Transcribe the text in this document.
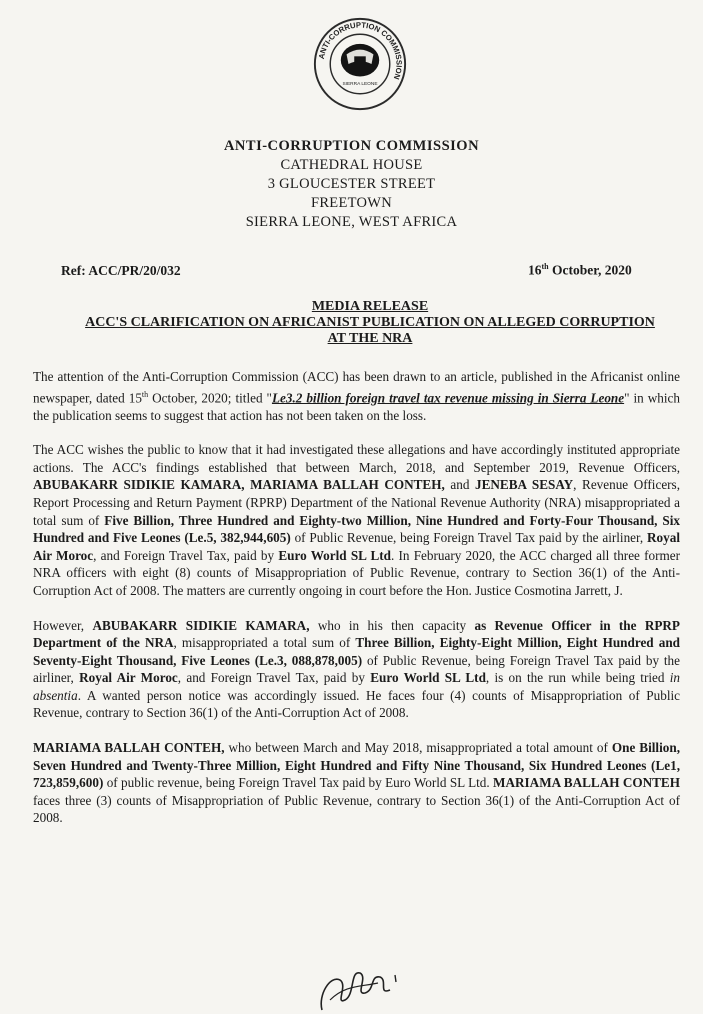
ANTI-CORRUPTION COMMISSION
SIERRA LEONE
ANTI-CORRUPTION COMMISSION
CATHEDRAL HOUSE
3 GLOUCESTER STREET
FREETOWN
SIERRA LEONE, WEST AFRICA
Ref: ACC/PR/20/032	16th October, 2020
MEDIA RELEASE
ACC'S CLARIFICATION ON AFRICANIST PUBLICATION ON ALLEGED CORRUPTION
AT THE NRA

The attention of the Anti-Corruption Commission (ACC) has been drawn to an article, published in the Africanist online newspaper, dated 15th October, 2020; titled "Le3.2 billion foreign travel tax revenue missing in Sierra Leone" in which the publication seems to suggest that action has not been taken on the loss.

The ACC wishes the public to know that it had investigated these allegations and have accordingly instituted appropriate actions. The ACC's findings established that between March, 2018, and September 2019, Revenue Officers, ABUBAKARR SIDIKIE KAMARA, MARIAMA BALLAH CONTEH, and JENEBA SESAY, Revenue Officers, Report Processing and Return Payment (RPRP) Department of the National Revenue Authority (NRA) misappropriated a total sum of Five Billion, Three Hundred and Eighty-two Million, Nine Hundred and Forty-Four Thousand, Six Hundred and Five Leones (Le.5, 382,944,605) of Public Revenue, being Foreign Travel Tax paid by the airliner, Royal Air Moroc, and Foreign Travel Tax, paid by Euro World SL Ltd. In February 2020, the ACC charged all three former NRA officers with eight (8) counts of Misappropriation of Public Revenue, contrary to Section 36(1) of the Anti-Corruption Act of 2008. The matters are currently ongoing in court before the Hon. Justice Cosmotina Jarrett, J.

However, ABUBAKARR SIDIKIE KAMARA, who in his then capacity as Revenue Officer in the RPRP Department of the NRA, misappropriated a total sum of Three Billion, Eighty-Eight Million, Eight Hundred and Seventy-Eight Thousand, Five Leones (Le.3, 088,878,005) of Public Revenue, being Foreign Travel Tax paid by the airliner, Royal Air Moroc, and Foreign Travel Tax, paid by Euro World SL Ltd, is on the run while being tried in absentia. A wanted person notice was accordingly issued. He faces four (4) counts of Misappropriation of Public Revenue, contrary to Section 36(1) of the Anti-Corruption Act of 2008.

MARIAMA BALLAH CONTEH, who between March and May 2018, misappropriated a total amount of One Billion, Seven Hundred and Twenty-Three Million, Eight Hundred and Fifty Nine Thousand, Six Hundred Leones (Le1, 723,859,600) of public revenue, being Foreign Travel Tax paid by Euro World SL Ltd. MARIAMA BALLAH CONTEH faces three (3) counts of Misappropriation of Public Revenue, contrary to Section 36(1) of the Anti-Corruption Act of 2008.
